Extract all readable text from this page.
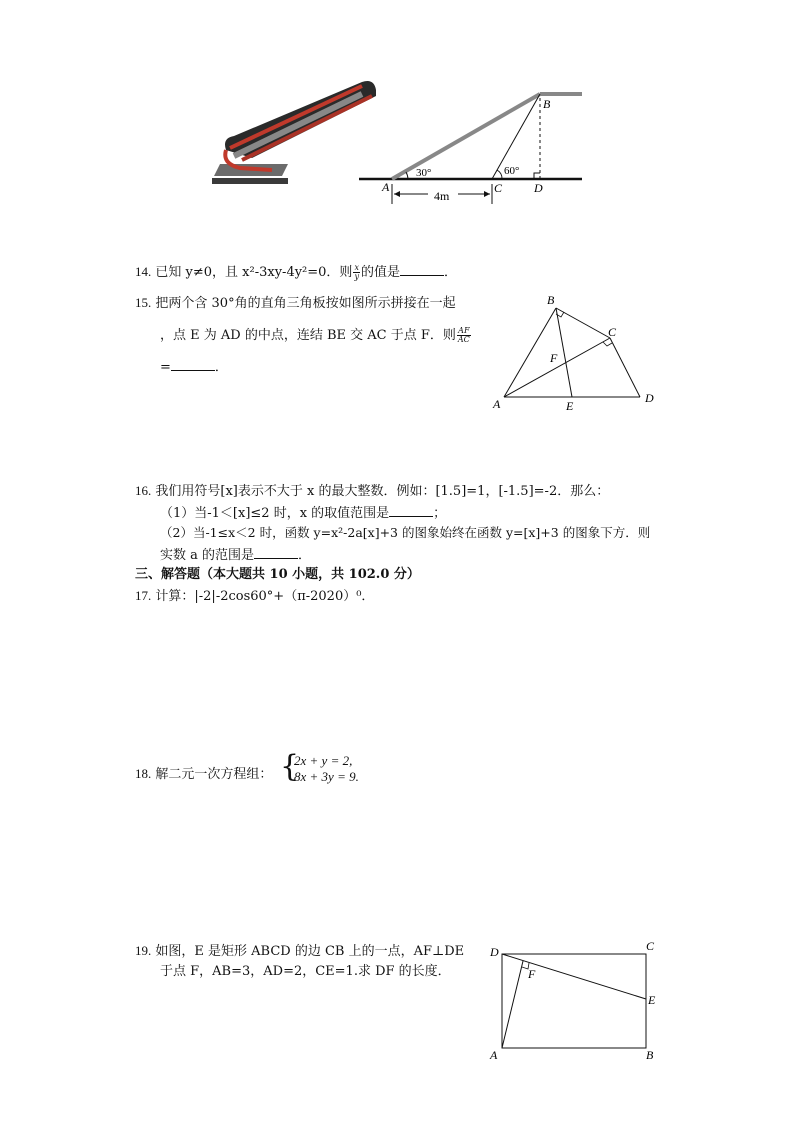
30°	60°
4m
A
B
C	D
14. 已知 y≠0，且 x²-3xy-4y²=0．则 $\frac{x}{y}$ 的值是	．
15. 把两个含 30°角的直角三角板按如图所示拼接在一起
，点 E 为 AD 的中点，连结 BE 交 AC 于点 F．则 $\frac{AF}{AC}$
=	．
A
B
C
D
E
F
16. 我们用符号[x]表示不大于 x 的最大整数．例如：[1.5]=1，[-1.5]=-2．那么：
（1）当-1＜[x]≤2 时，x 的取值范围是	；
（2）当-1≤x＜2 时，函数 y=x²-2a[x]+3 的图象始终在函数 y=[x]+3 的图象下方．则
实数 a 的范围是	．
三、解答题（本大题共 10 小题，共 102.0 分）
17. 计算：|-2|-2cos60°+（π-2020）⁰．
18. 解二元一次方程组： {
2x + y = 2,
8x + 3y = 9.
19. 如图，E 是矩形 ABCD 的边 CB 上的一点，AF⊥DE
于点 F，AB=3，AD=2，CE=1.求 DF 的长度．
A	B
C
D
E
F
